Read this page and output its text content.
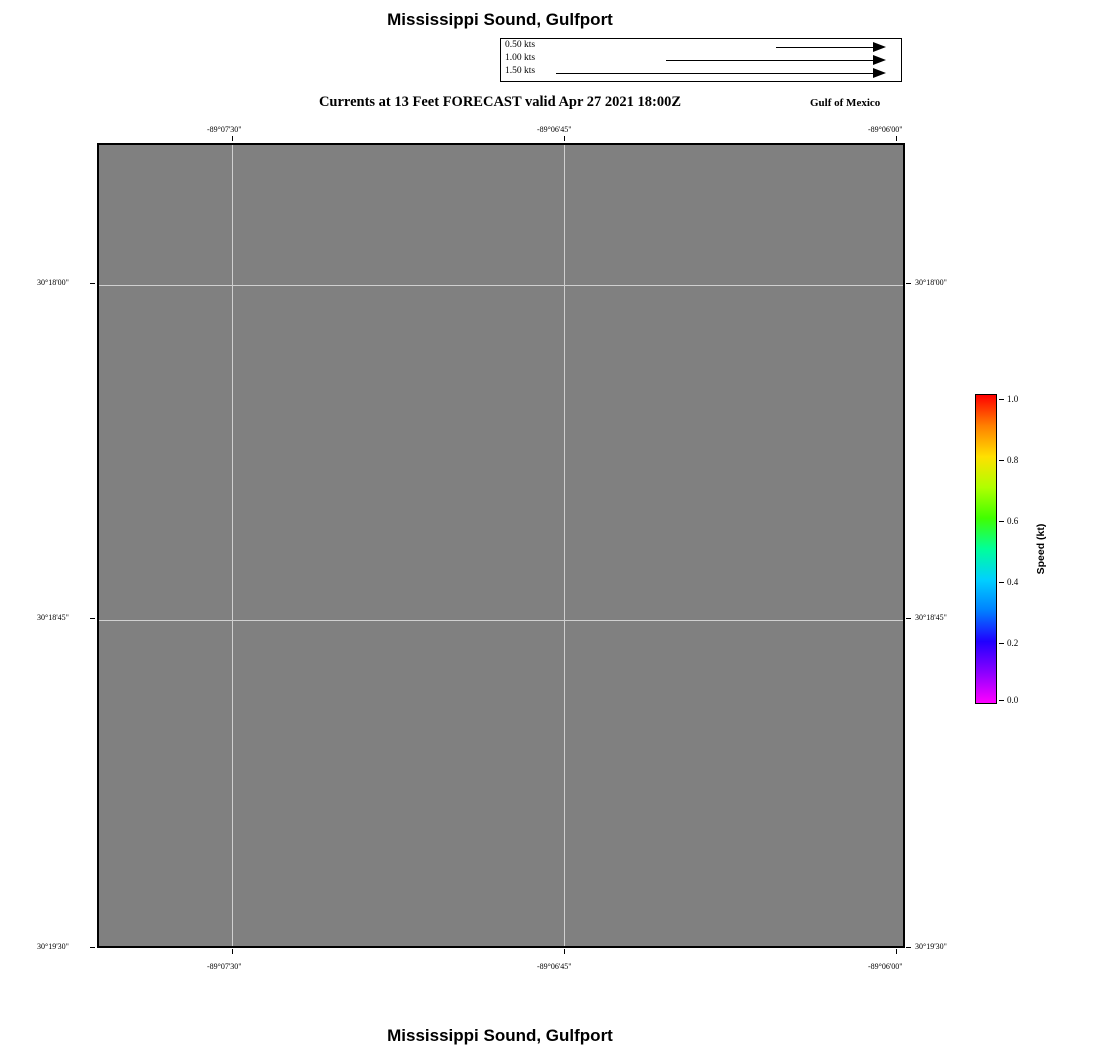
Mississippi Sound, Gulfport
0.50 kts
1.00 kts
1.50 kts
Currents at 13 Feet FORECAST valid Apr 27 2021 18:00Z	Gulf of Mexico
-89°07'30"	-89°06'45"	-89°06'00"
30°18'00"
30°18'45"
30°19'30"
30°18'00"
30°18'45"
30°19'30"
-89°07'30"	-89°06'45"	-89°06'00"
1.0
0.8
0.6
0.4
0.2
0.0
Speed (kt)
Mississippi Sound, Gulfport
